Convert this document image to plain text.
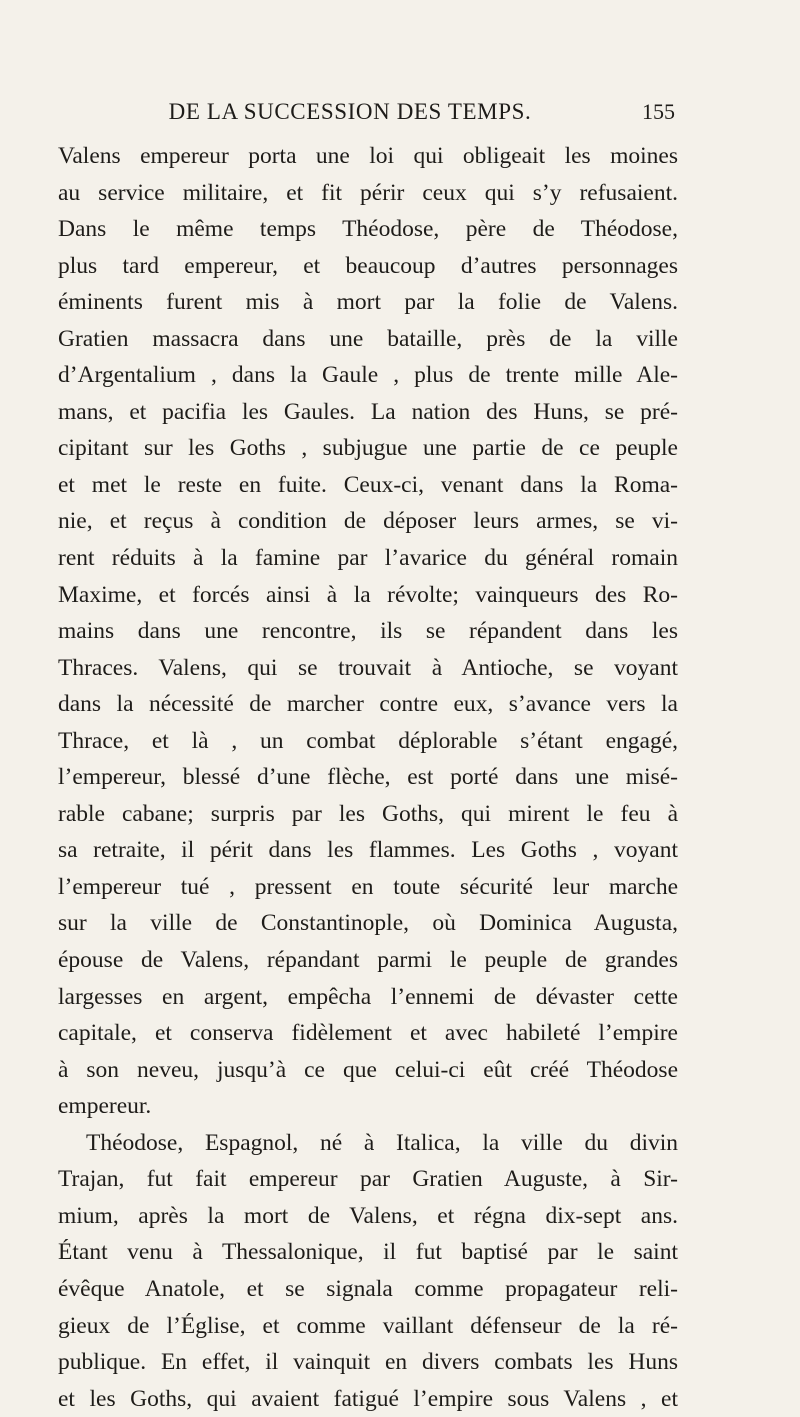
DE LA SUCCESSION DES TEMPS.	155
Valens empereur porta une loi qui obligeait les moines
au service militaire, et fit périr ceux qui s’y refusaient.
Dans le même temps Théodose, père de Théodose,
plus tard empereur, et beaucoup d’autres personnages
éminents furent mis à mort par la folie de Valens.
Gratien massacra dans une bataille, près de la ville
d’Argentalium , dans la Gaule , plus de trente mille Ale-
mans, et pacifia les Gaules. La nation des Huns, se pré-
cipitant sur les Goths , subjugue une partie de ce peuple
et met le reste en fuite. Ceux-ci, venant dans la Roma-
nie, et reçus à condition de déposer leurs armes, se vi-
rent réduits à la famine par l’avarice du général romain
Maxime, et forcés ainsi à la révolte; vainqueurs des Ro-
mains dans une rencontre, ils se répandent dans les
Thraces. Valens, qui se trouvait à Antioche, se voyant
dans la nécessité de marcher contre eux, s’avance vers la
Thrace, et là , un combat déplorable s’étant engagé,
l’empereur, blessé d’une flèche, est porté dans une misé-
rable cabane; surpris par les Goths, qui mirent le feu à
sa retraite, il périt dans les flammes. Les Goths , voyant
l’empereur tué , pressent en toute sécurité leur marche
sur la ville de Constantinople, où Dominica Augusta,
épouse de Valens, répandant parmi le peuple de grandes
largesses en argent, empêcha l’ennemi de dévaster cette
capitale, et conserva fidèlement et avec habileté l’empire
à son neveu, jusqu’à ce que celui-ci eût créé Théodose
empereur.
Théodose, Espagnol, né à Italica, la ville du divin
Trajan, fut fait empereur par Gratien Auguste, à Sir-
mium, après la mort de Valens, et régna dix-sept ans.
Étant venu à Thessalonique, il fut baptisé par le saint
évêque Anatole, et se signala comme propagateur reli-
gieux de l’Église, et comme vaillant défenseur de la ré-
publique. En effet, il vainquit en divers combats les Huns
et les Goths, qui avaient fatigué l’empire sous Valens , et
